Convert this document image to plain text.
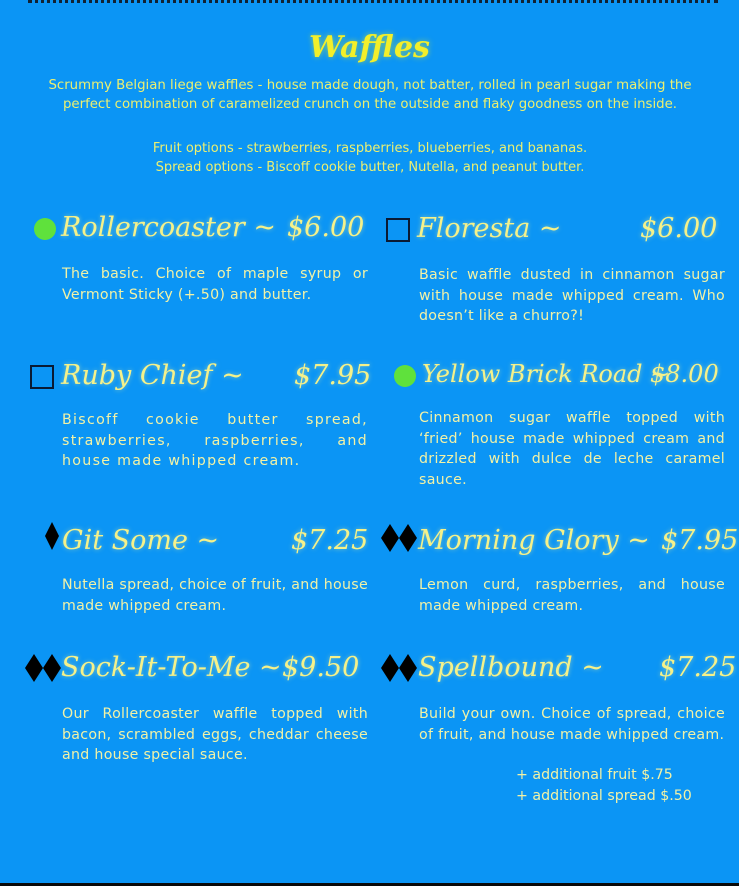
Waffles
Scrummy Belgian liege waffles - house made dough, not batter, rolled in pearl sugar making the perfect combination of caramelized crunch on the outside and flaky goodness on the inside.
Fruit options - strawberries, raspberries, blueberries, and bananas.
Spread options - Biscoff cookie butter, Nutella, and peanut butter.
Rollercoaster ~ $6.00
The basic. Choice of maple syrup or Vermont Sticky (+.50) and butter.
Floresta ~	$6.00
Basic waffle dusted in cinnamon sugar with house made whipped cream. Who doesn’t like a churro?!
Ruby Chief ~ $7.95
Biscoff cookie butter spread, strawberries, raspberries, and house made whipped cream.
Yellow Brick Road ~
$8.00
Cinnamon sugar waffle topped with ‘fried’ house made whipped cream and drizzled with dulce de leche caramel sauce.
Git Some ~	$7.25
Nutella spread, choice of fruit, and house made whipped cream.
Morning Glory ~ $7.95
Lemon curd, raspberries, and house made whipped cream.
Sock-It-To-Me ~ $9.50
Our Rollercoaster waffle topped with bacon, scrambled eggs, cheddar cheese and house special sauce.
Spellbound ~ $7.25
Build your own. Choice of spread, choice of fruit, and house made whipped cream.
+ additional fruit $.75
+ additional spread $.50
